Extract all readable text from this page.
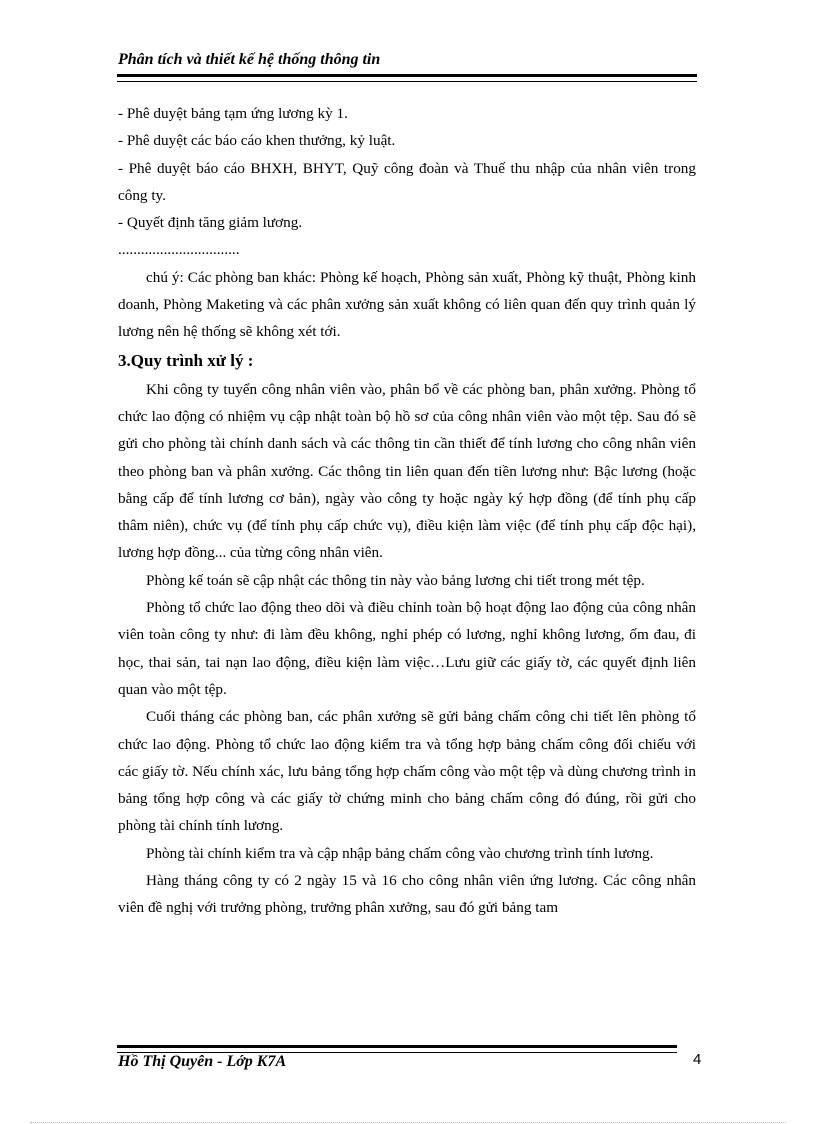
Phân tích và thiết kế hệ thống thông tin
- Phê duyệt bảng tạm ứng lương kỳ 1.
- Phê duyệt các báo cáo khen thưởng, kỷ luật.
- Phê duyệt báo cáo BHXH, BHYT, Quỹ công đoàn và Thuế thu nhập của nhân viên trong công ty.
- Quyết định tăng giảm lương.
................................
chú ý: Các phòng ban khác: Phòng kế hoạch, Phòng sản xuất, Phòng kỹ thuật, Phòng kinh doanh, Phòng Maketing và các phân xưởng sản xuất không có liên quan đến quy trình quản lý lương nên hệ thống sẽ không xét tới.
3.Quy trình xử lý :
Khi công ty tuyển công nhân viên vào, phân bổ về các phòng ban, phân xưởng. Phòng tổ chức lao động có nhiệm vụ cập nhật toàn bộ hồ sơ của công nhân viên vào một tệp. Sau đó sẽ gửi cho phòng tài chính danh sách và các thông tin cần thiết để tính lương cho công nhân viên theo phòng ban và phân xưởng. Các thông tin liên quan đến tiền lương như: Bậc lương (hoặc bằng cấp để tính lương cơ bản), ngày vào công ty hoặc ngày ký hợp đồng (để tính phụ cấp thâm niên), chức vụ (để tính phụ cấp chức vụ), điều kiện làm việc (để tính phụ cấp độc hại), lương hợp đồng... của từng công nhân viên.
Phòng kế toán sẽ cập nhật các thông tin này vào bảng lương chi tiết trong mét tệp.
Phòng tổ chức lao động theo dõi và điều chỉnh toàn bộ hoạt động lao động của công nhân viên toàn công ty như: đi làm đều không, nghỉ phép có lương, nghỉ không lương, ốm đau, đi học, thai sản, tai nạn lao động, điều kiện làm việc…Lưu giữ các giấy tờ, các quyết định liên quan vào một tệp.
Cuối tháng các phòng ban, các phân xưởng sẽ gửi bảng chấm công chi tiết lên phòng tổ chức lao động. Phòng tổ chức lao động kiểm tra và tổng hợp bảng chấm công đối chiếu với các giấy tờ. Nếu chính xác, lưu bảng tổng hợp chấm công vào một tệp và dùng chương trình in bảng tổng hợp công và các giấy tờ chứng minh cho bảng chấm công đó đúng, rồi gửi cho phòng tài chính tính lương.
Phòng tài chính kiểm tra và cập nhập bảng chấm công vào chương trình tính lương.
Hàng tháng công ty có 2 ngày 15 và 16 cho công nhân viên ứng lương. Các công nhân viên đề nghị với trưởng phòng, trưởng phân xưởng, sau đó gửi bảng tam
Hồ Thị Quyên - Lớp K7A	4
